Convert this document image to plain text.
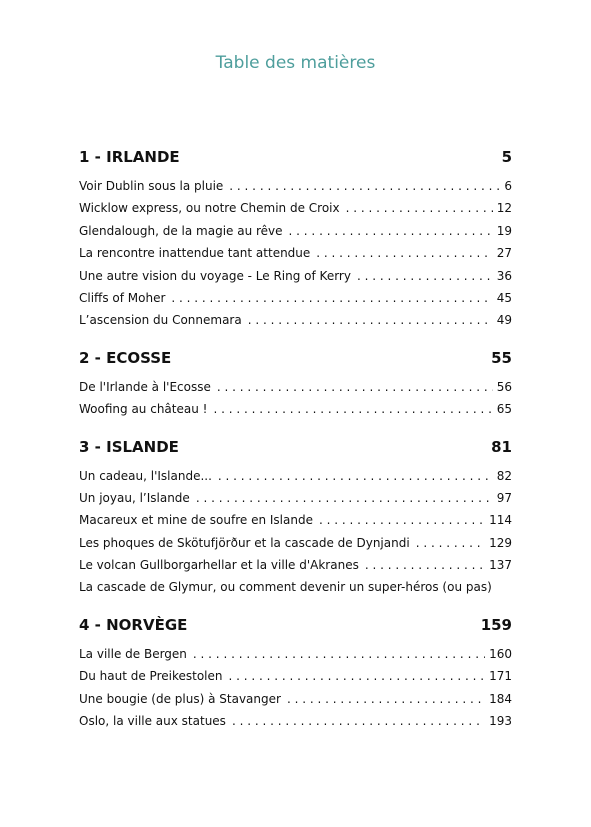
Table des matières
1 - IRLANDE	5
Voir Dublin sous la pluie . . .	6
Wicklow express, ou notre Chemin de Croix . . .	12
Glendalough, de la magie au rêve . . .	19
La rencontre inattendue tant attendue . . .	27
Une autre vision du voyage - Le Ring of Kerry . . .	36
Cliffs of Moher . . .	45
L’ascension du Connemara . . .	49
2 - ECOSSE	55
De l'Irlande à l'Ecosse . . .	56
Woofing au château ! . . .	65
3 - ISLANDE	81
Un cadeau, l'Islande... . . .	82
Un joyau, l’Islande . . .	97
Macareux et mine de soufre en Islande . . .	114
Les phoques de Skötufjörður et la cascade de Dynjandi . . .	129
Le volcan Gullborgarhellar et la ville d'Akranes . . .	137
La cascade de Glymur, ou comment devenir un super-héros (ou pas)
4 - NORVÈGE	159
La ville de Bergen . . .	160
Du haut de Preikestolen . . .	171
Une bougie (de plus) à Stavanger . . .	184
Oslo, la ville aux statues . . .	193
